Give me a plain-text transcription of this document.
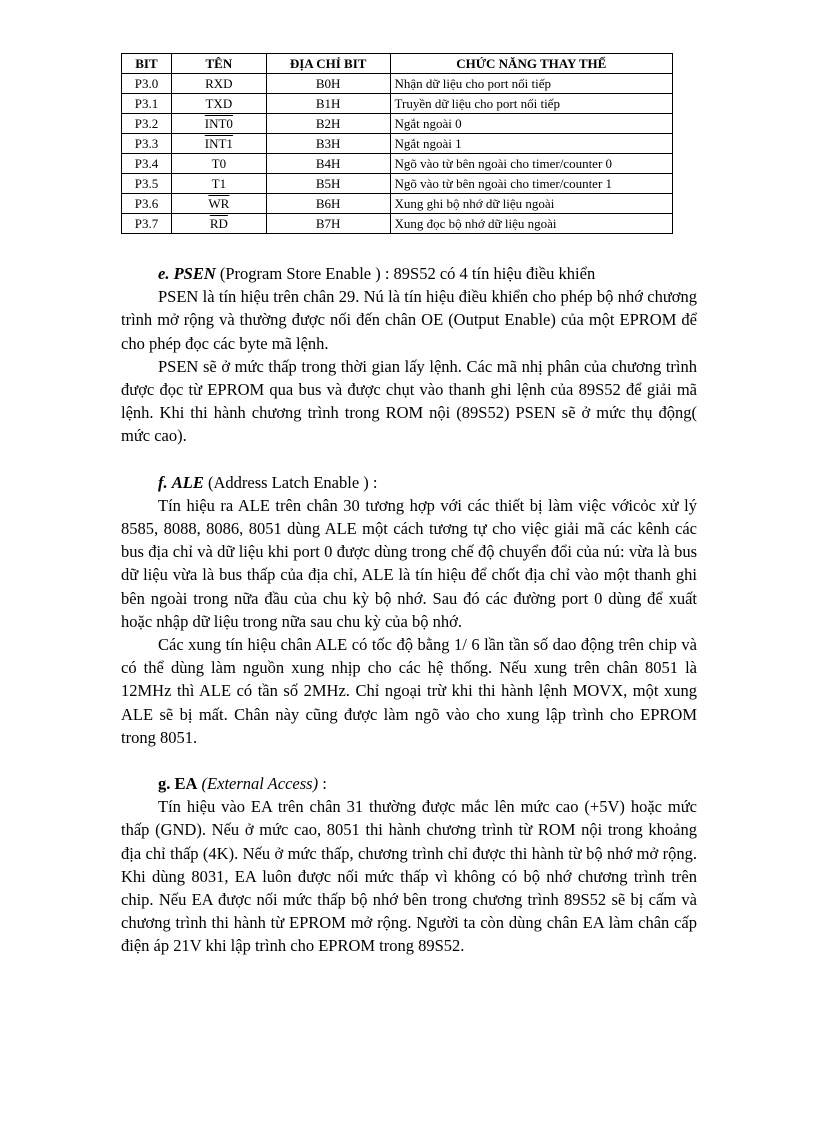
BIT	TÊN	ĐỊA CHỈ BIT	CHỨC NĂNG THAY THẾ
P3.0	RXD	B0H	Nhận dữ liệu cho port nối tiếp
P3.1	TXD	B1H	Truyền dữ liệu cho port nối tiếp
P3.2	INT0	B2H	Ngắt ngoài 0
P3.3	INT1	B3H	Ngắt ngoài 1
P3.4	T0	B4H	Ngõ vào từ bên ngoài cho timer/counter 0
P3.5	T1	B5H	Ngõ vào từ bên ngoài cho timer/counter 1
P3.6	$\overline{WR}$	B6H	Xung ghi bộ nhớ dữ liệu ngoài
P3.7	$\overline{RD}$	B7H	Xung đọc bộ nhớ dữ liệu ngoài

e. PSEN (Program Store Enable ) : 89S52 có 4 tín hiệu điều khiển

PSEN là tín hiệu trên chân 29. Nú là tín hiệu điều khiển cho phép bộ nhớ chương trình mở rộng và thường được nối đến chân OE (Output Enable) của một EPROM để cho phép đọc các byte mã lệnh.

PSEN sẽ ở mức thấp trong thời gian lấy lệnh. Các mã nhị phân của chương trình được đọc từ EPROM qua bus và được chụt vào thanh ghi lệnh của 89S52 để giải mã lệnh. Khi thi hành chương trình trong ROM nội (89S52) PSEN sẽ ở mức thụ động( mức cao).

f. ALE (Address Latch Enable ) :

Tín hiệu ra ALE trên chân 30 tương hợp với các thiết bị làm việc vớicỏc xử lý 8585, 8088, 8086, 8051 dùng ALE một cách tương tự cho việc giải mã các kênh các bus địa chỉ và dữ liệu khi port 0 được dùng trong chế độ chuyển đổi của nú: vừa là bus dữ liệu vừa là bus thấp của địa chỉ, ALE là tín hiệu để chốt địa chỉ vào một thanh ghi bên ngoài trong nữa đầu của chu kỳ bộ nhớ. Sau đó các đường port 0 dùng để xuất hoặc nhập dữ liệu trong nữa sau chu kỳ của bộ nhớ.

Các xung tín hiệu chân ALE có tốc độ bằng 1/ 6 lần tần số dao động trên chip và có thể dùng làm nguồn xung nhịp cho các hệ thống. Nếu xung trên chân 8051 là 12MHz thì ALE có tần số 2MHz. Chỉ ngoại trừ khi thi hành lệnh MOVX, một xung ALE sẽ bị mất. Chân này cũng được làm ngõ vào cho xung lập trình cho EPROM trong 8051.

g. EA (External Access) :

Tín hiệu vào EA trên chân 31 thường được mắc lên mức cao (+5V) hoặc mức thấp (GND). Nếu ở mức cao, 8051 thi hành chương trình từ ROM nội trong khoảng địa chỉ thấp (4K). Nếu ở mức thấp, chương trình chỉ được thi hành từ bộ nhớ mở rộng. Khi dùng 8031, EA luôn được nối mức thấp vì không có bộ nhớ chương trình trên chip. Nếu EA được nối mức thấp bộ nhớ bên trong chương trình 89S52 sẽ bị cấm và chương trình thi hành từ EPROM mở rộng. Người ta còn dùng chân EA làm chân cấp điện áp 21V khi lập trình cho EPROM trong 89S52.
